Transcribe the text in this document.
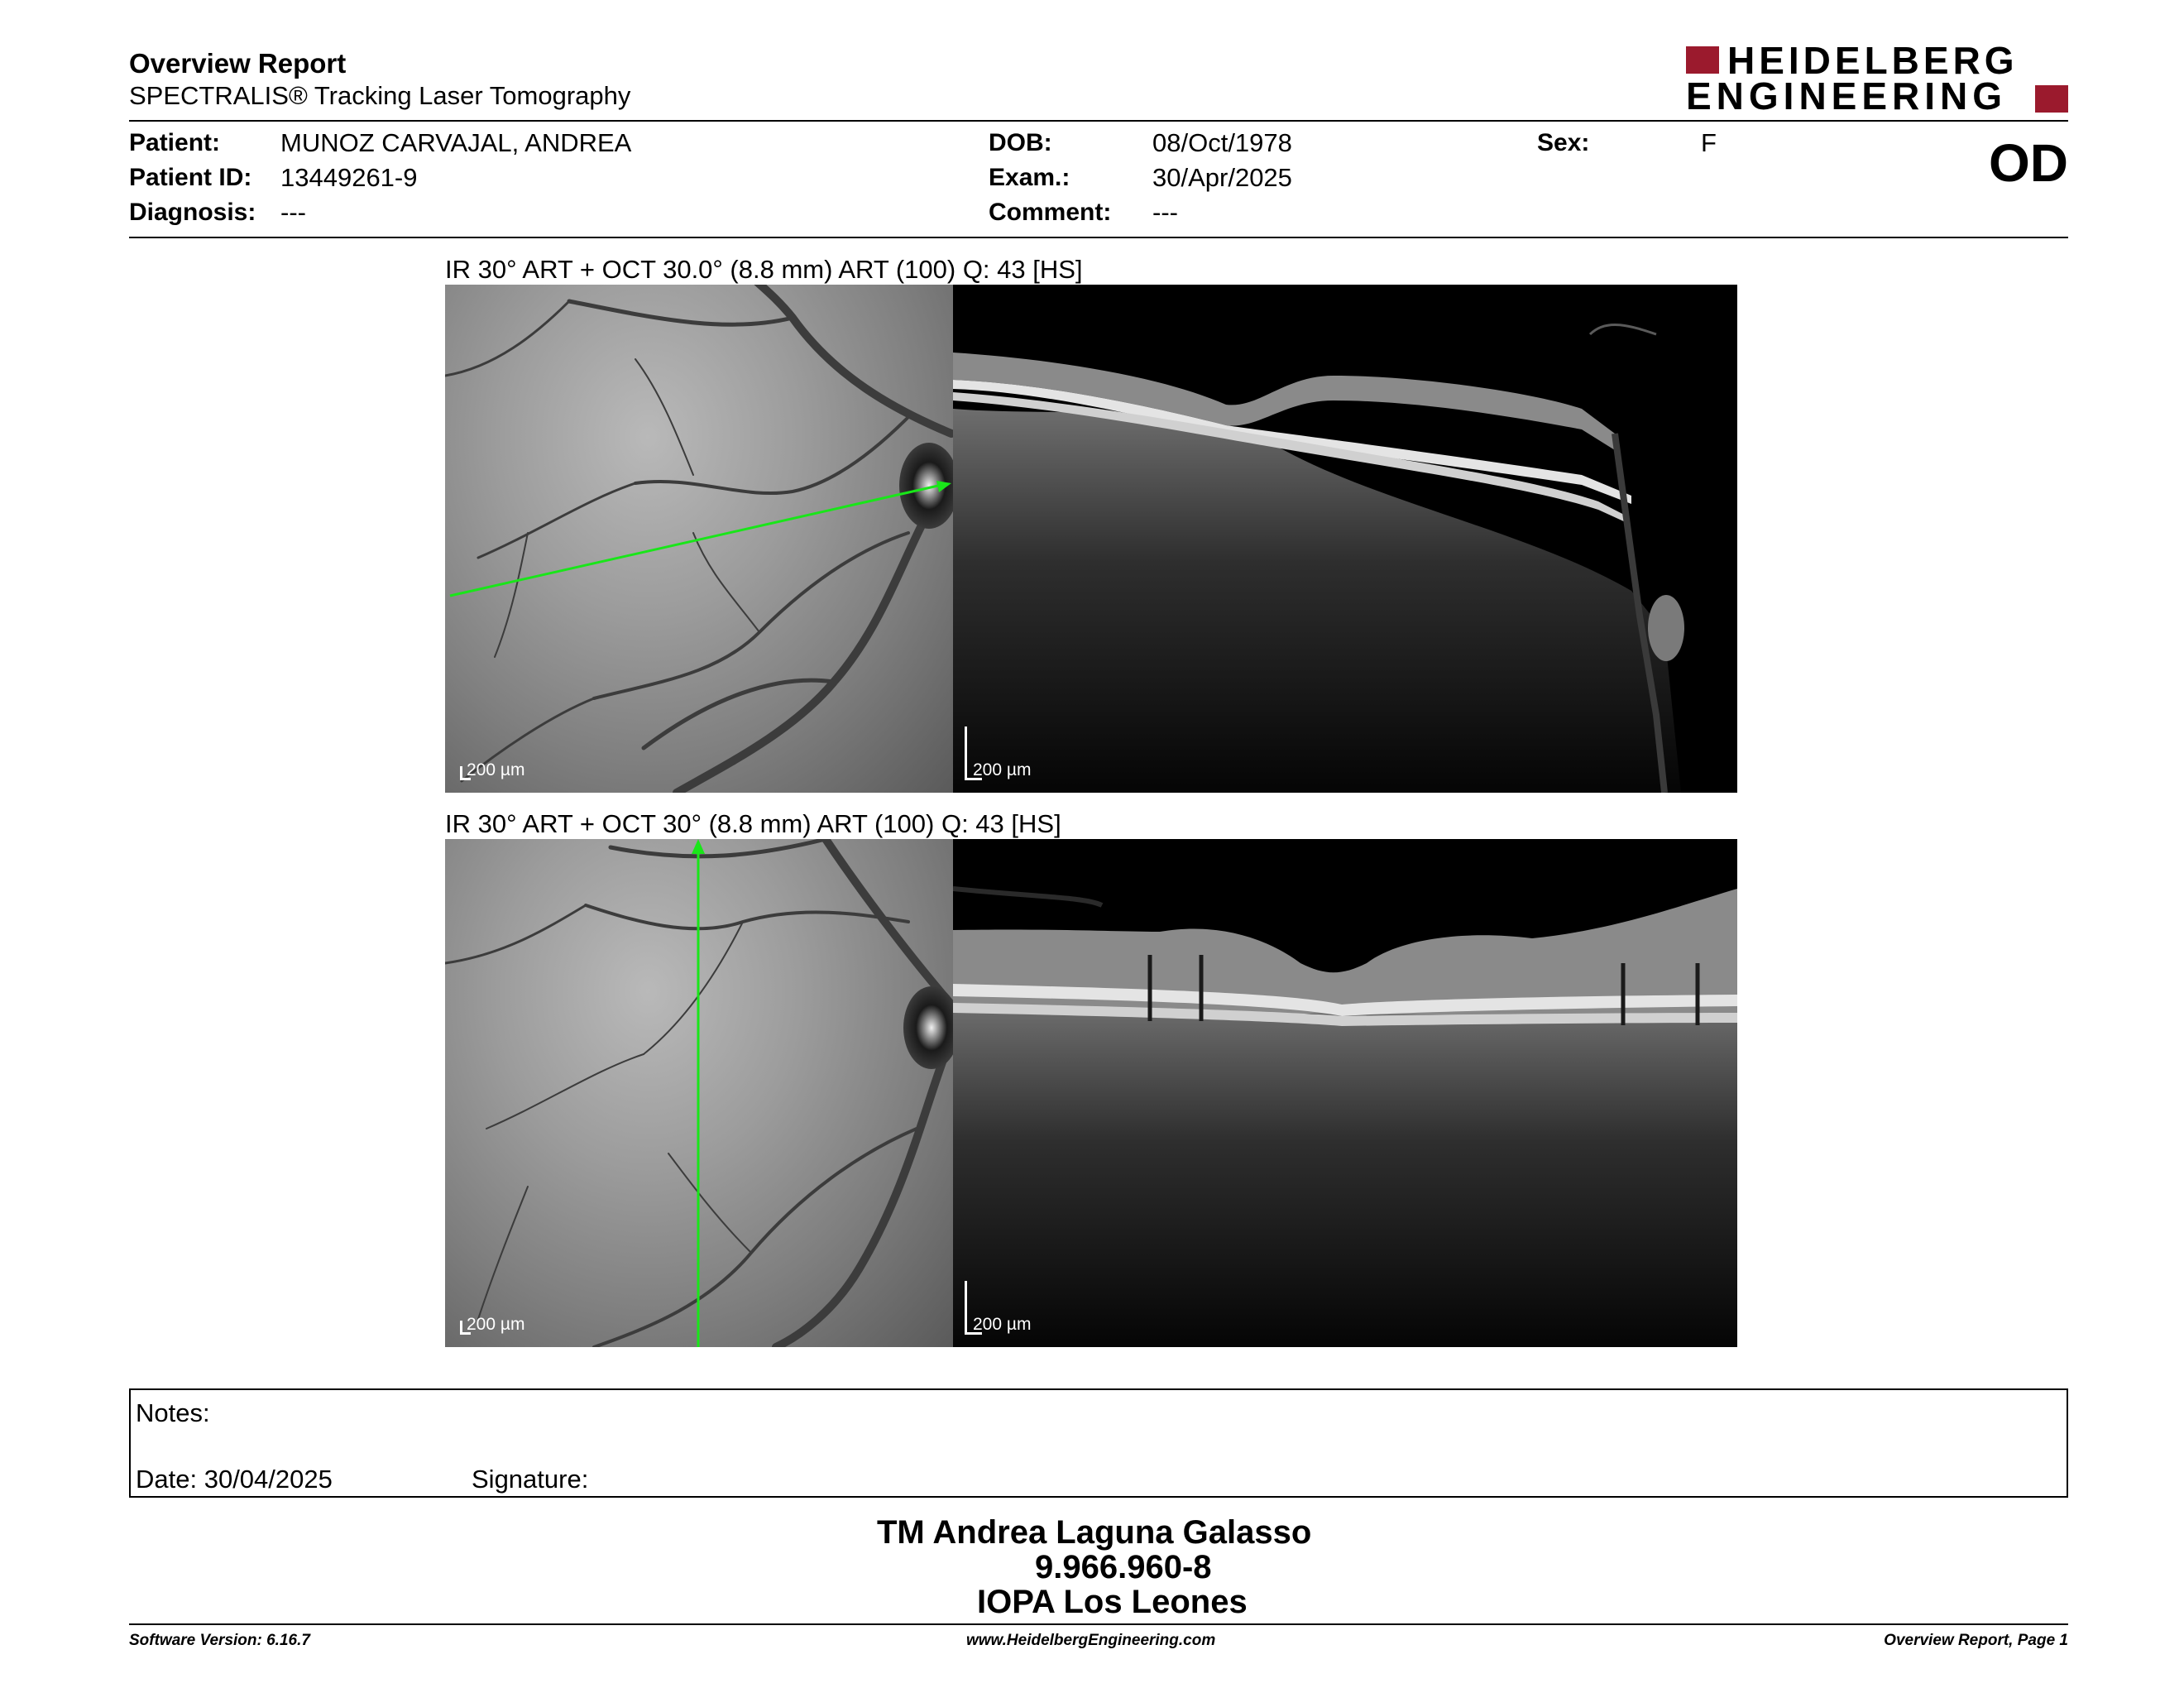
Overview Report
SPECTRALIS® Tracking Laser Tomography
HEIDELBERG
ENGINEERING
Patient: MUNOZ CARVAJAL, ANDREA
Patient ID: 13449261-9
Diagnosis: ---
DOB:	08/Oct/1978
Exam.:	30/Apr/2025
Comment: ---
Sex:	F	OD
IR 30° ART + OCT 30.0° (8.8 mm) ART (100) Q: 43 [HS]
200 µm	200 µm
IR 30° ART + OCT 30° (8.8 mm) ART (100) Q: 43 [HS]
200 µm	200 µm
Notes:
Date: 30/04/2025	Signature:
TM Andrea Laguna Galasso
9.966.960-8
IOPA Los Leones
Software Version: 6.16.7	www.HeidelbergEngineering.com	Overview Report, Page 1
